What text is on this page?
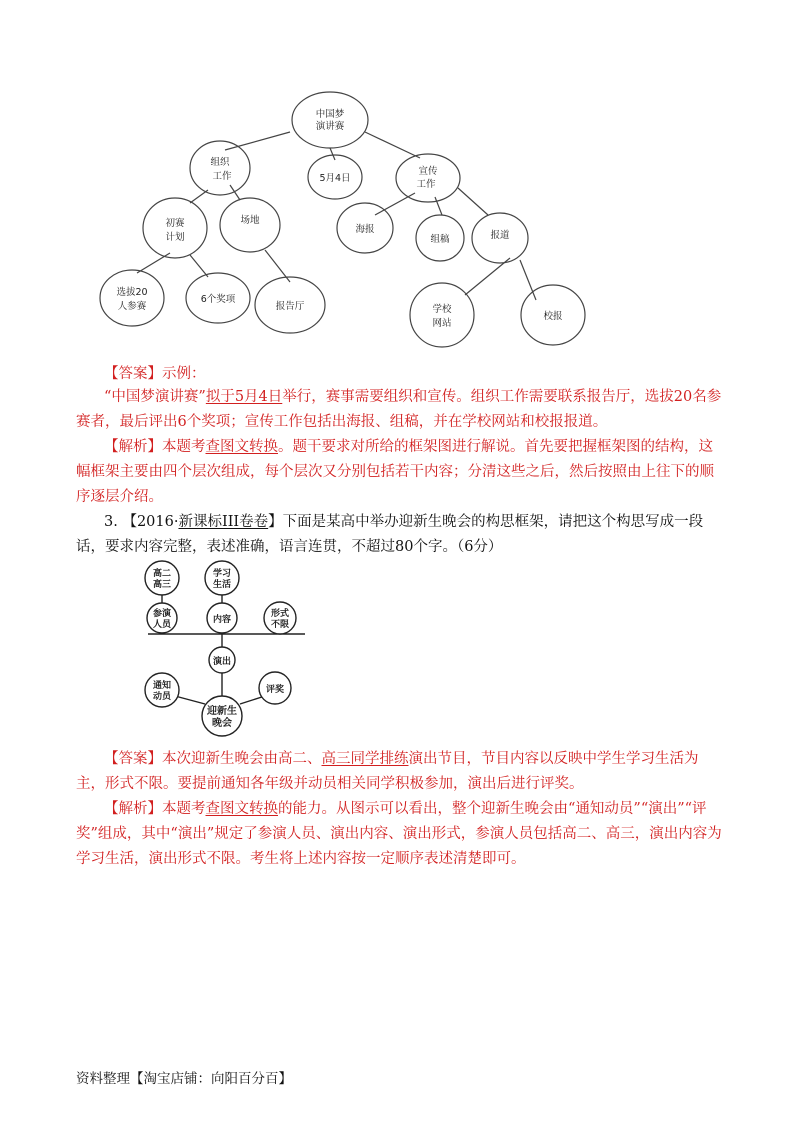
中国梦
演讲赛
组织
工作	5月4日
宣传
工作
初赛
计划
场地
海报
组稿	报道
选拔20
人参赛
6个奖项
报告厅	学校
网站
校报

【答案】示例：

“中国梦演讲赛”拟于5月4日举行，赛事需要组织和宣传。组织工作需要联系报告厅，选拔20名参赛者，最后评出6个奖项；宣传工作包括出海报、组稿，并在学校网站和校报报道。

【解析】本题考查图文转换。题干要求对所给的框架图进行解说。首先要把握框架图的结构，这幅框架主要由四个层次组成，每个层次又分别包括若干内容；分清这些之后，然后按照由上往下的顺序逐层介绍。

3. 【2016·新课标III卷卷】下面是某高中举办迎新生晚会的构思框架，请把这个构思写成一段话，要求内容完整，表述准确，语言连贯，不超过80个字。（6分）

高二
高三
学习
生活
参演
人员	内容
形式
不限
演出
通知
动员
评奖
迎新生
晚会

【答案】本次迎新生晚会由高二、高三同学排练演出节目，节目内容以反映中学生学习生活为主，形式不限。要提前通知各年级并动员相关同学积极参加，演出后进行评奖。

【解析】本题考查图文转换的能力。从图示可以看出，整个迎新生晚会由“通知动员”“演出”“评奖”组成，其中“演出”规定了参演人员、演出内容、演出形式，参演人员包括高二、高三，演出内容为学习生活，演出形式不限。考生将上述内容按一定顺序表述清楚即可。

资料整理【淘宝店铺：向阳百分百】
